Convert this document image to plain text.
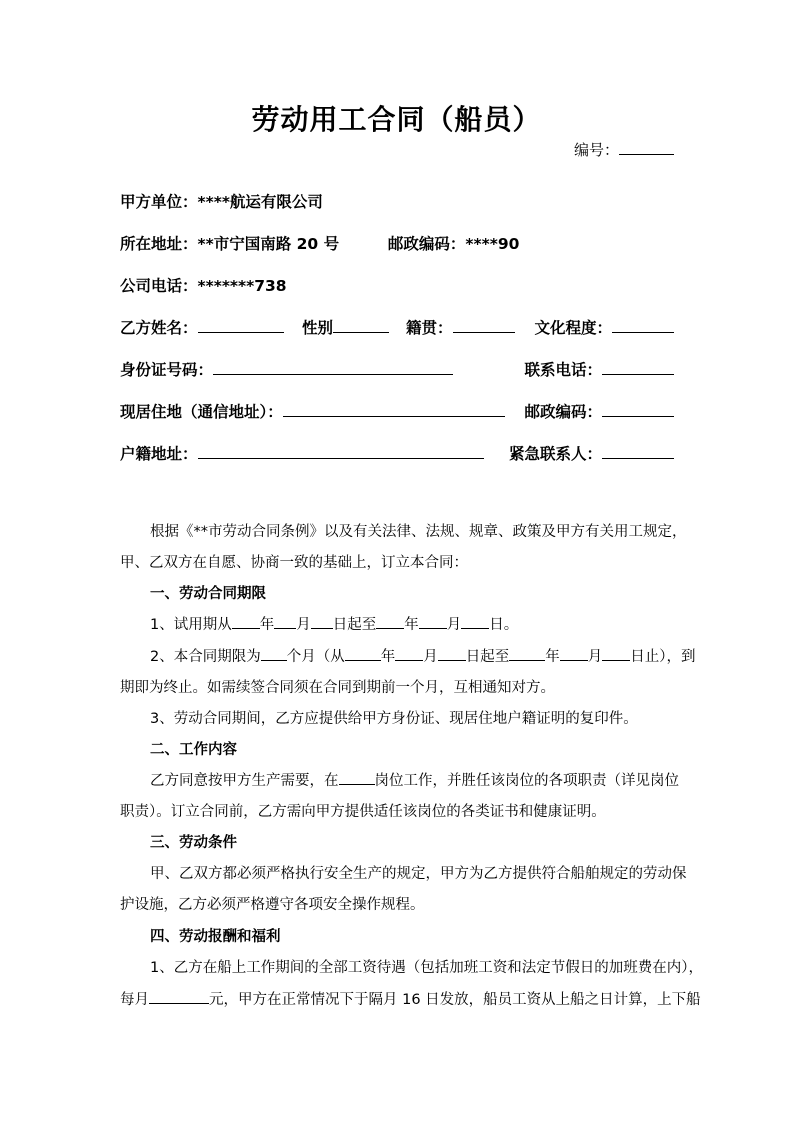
劳动用工合同（船员）
编号：
甲方单位：****航运有限公司
所在地址：**市宁国南路 20 号	邮政编码：****90
公司电话：*******738
乙方姓名：	性别	籍贯：	文化程度：
身份证号码：	联系电话：
现居住地（通信地址）：	邮政编码：
户籍地址：	紧急联系人：
根据《**市劳动合同条例》以及有关法律、法规、规章、政策及甲方有关用工规定，
甲、乙双方在自愿、协商一致的基础上，订立本合同：
一、劳动合同期限
1、试用期从 年 月 日起至 年 月 日。
2、本合同期限为 个月（从 年 月 日起至 年 月 日止），到
期即为终止。如需续签合同须在合同到期前一个月，互相通知对方。
3、劳动合同期间，乙方应提供给甲方身份证、现居住地户籍证明的复印件。
二、工作内容
乙方同意按甲方生产需要，在 岗位工作，并胜任该岗位的各项职责（详见岗位
职责）。订立合同前，乙方需向甲方提供适任该岗位的各类证书和健康证明。
三、劳动条件
甲、乙双方都必须严格执行安全生产的规定，甲方为乙方提供符合船舶规定的劳动保
护设施，乙方必须严格遵守各项安全操作规程。
四、劳动报酬和福利
1、乙方在船上工作期间的全部工资待遇（包括加班工资和法定节假日的加班费在内），
每月	元，甲方在正常情况下于隔月 16 日发放，船员工资从上船之日计算，上下船
